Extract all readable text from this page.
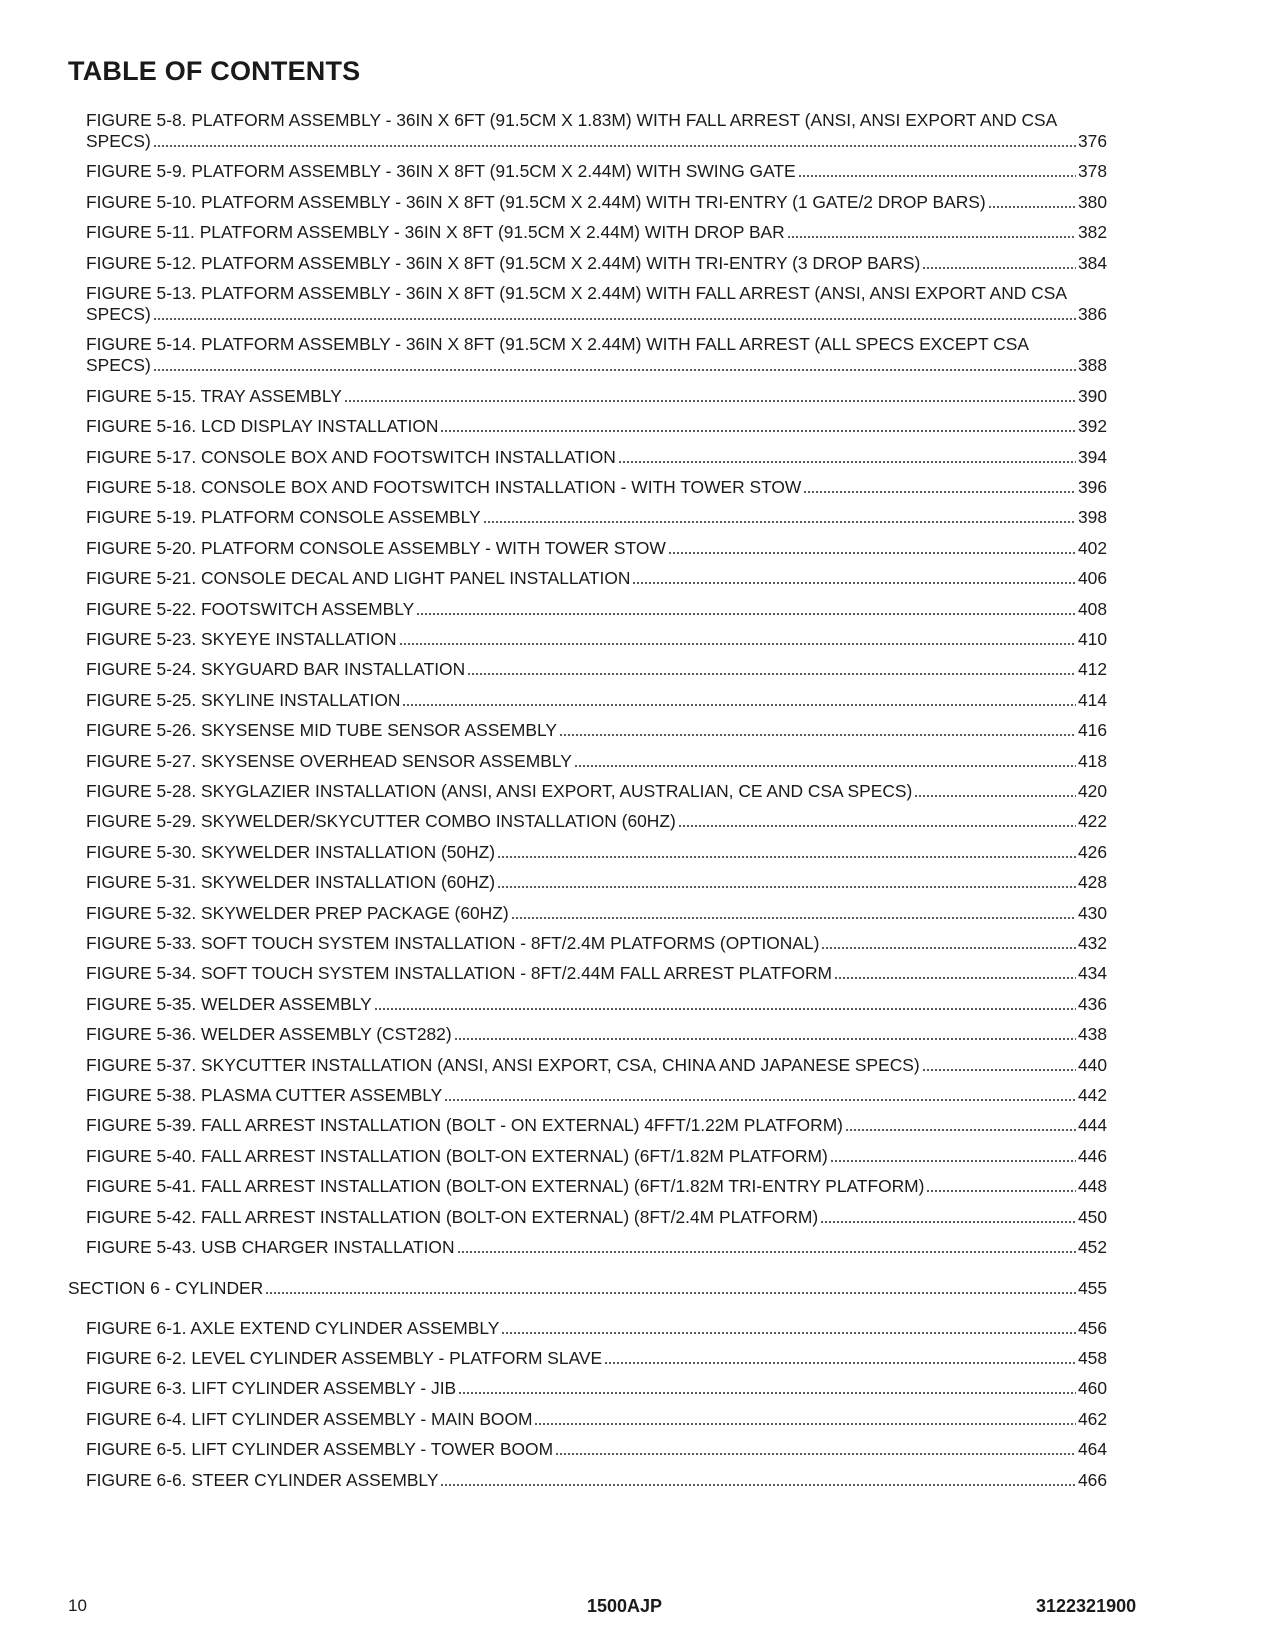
TABLE OF CONTENTS
FIGURE 5-8. PLATFORM ASSEMBLY - 36IN X 6FT (91.5CM X 1.83M) WITH FALL ARREST (ANSI, ANSI EXPORT AND CSA
SPECS)	376
FIGURE 5-9. PLATFORM ASSEMBLY - 36IN X 8FT (91.5CM X 2.44M) WITH SWING GATE	378
FIGURE 5-10. PLATFORM ASSEMBLY - 36IN X 8FT (91.5CM X 2.44M) WITH TRI-ENTRY (1 GATE/2 DROP BARS)	380
FIGURE 5-11. PLATFORM ASSEMBLY - 36IN X 8FT (91.5CM X 2.44M) WITH DROP BAR	382
FIGURE 5-12. PLATFORM ASSEMBLY - 36IN X 8FT (91.5CM X 2.44M) WITH TRI-ENTRY (3 DROP BARS)	384
FIGURE 5-13. PLATFORM ASSEMBLY - 36IN X 8FT (91.5CM X 2.44M) WITH FALL ARREST (ANSI, ANSI EXPORT AND CSA
SPECS)	386
FIGURE 5-14. PLATFORM ASSEMBLY - 36IN X 8FT (91.5CM X 2.44M) WITH FALL ARREST (ALL SPECS EXCEPT CSA
SPECS)	388
FIGURE 5-15. TRAY ASSEMBLY	390
FIGURE 5-16. LCD DISPLAY INSTALLATION	392
FIGURE 5-17. CONSOLE BOX AND FOOTSWITCH INSTALLATION	394
FIGURE 5-18. CONSOLE BOX AND FOOTSWITCH INSTALLATION - WITH TOWER STOW	396
FIGURE 5-19. PLATFORM CONSOLE ASSEMBLY	398
FIGURE 5-20. PLATFORM CONSOLE ASSEMBLY - WITH TOWER STOW	402
FIGURE 5-21. CONSOLE DECAL AND LIGHT PANEL INSTALLATION	406
FIGURE 5-22. FOOTSWITCH ASSEMBLY	408
FIGURE 5-23. SKYEYE INSTALLATION	410
FIGURE 5-24. SKYGUARD BAR INSTALLATION	412
FIGURE 5-25. SKYLINE INSTALLATION	414
FIGURE 5-26. SKYSENSE MID TUBE SENSOR ASSEMBLY	416
FIGURE 5-27. SKYSENSE OVERHEAD SENSOR ASSEMBLY	418
FIGURE 5-28. SKYGLAZIER INSTALLATION (ANSI, ANSI EXPORT, AUSTRALIAN, CE AND CSA SPECS)	420
FIGURE 5-29. SKYWELDER/SKYCUTTER COMBO INSTALLATION (60HZ)	422
FIGURE 5-30. SKYWELDER INSTALLATION (50HZ)	426
FIGURE 5-31. SKYWELDER INSTALLATION (60HZ)	428
FIGURE 5-32. SKYWELDER PREP PACKAGE (60HZ)	430
FIGURE 5-33. SOFT TOUCH SYSTEM INSTALLATION - 8FT/2.4M PLATFORMS (OPTIONAL)	432
FIGURE 5-34. SOFT TOUCH SYSTEM INSTALLATION - 8FT/2.44M FALL ARREST PLATFORM	434
FIGURE 5-35. WELDER ASSEMBLY	436
FIGURE 5-36. WELDER ASSEMBLY (CST282)	438
FIGURE 5-37. SKYCUTTER INSTALLATION (ANSI, ANSI EXPORT, CSA, CHINA AND JAPANESE SPECS)	440
FIGURE 5-38. PLASMA CUTTER ASSEMBLY	442
FIGURE 5-39. FALL ARREST INSTALLATION (BOLT - ON EXTERNAL) 4FFT/1.22M PLATFORM)	444
FIGURE 5-40. FALL ARREST INSTALLATION (BOLT-ON EXTERNAL) (6FT/1.82M PLATFORM)	446
FIGURE 5-41. FALL ARREST INSTALLATION (BOLT-ON EXTERNAL) (6FT/1.82M TRI-ENTRY PLATFORM)	448
FIGURE 5-42. FALL ARREST INSTALLATION (BOLT-ON EXTERNAL) (8FT/2.4M PLATFORM)	450
FIGURE 5-43. USB CHARGER INSTALLATION	452
SECTION 6 - CYLINDER	455
FIGURE 6-1. AXLE EXTEND CYLINDER ASSEMBLY	456
FIGURE 6-2. LEVEL CYLINDER ASSEMBLY - PLATFORM SLAVE	458
FIGURE 6-3. LIFT CYLINDER ASSEMBLY - JIB	460
FIGURE 6-4. LIFT CYLINDER ASSEMBLY - MAIN BOOM	462
FIGURE 6-5. LIFT CYLINDER ASSEMBLY - TOWER BOOM	464
FIGURE 6-6. STEER CYLINDER ASSEMBLY	466
10	1500AJP	3122321900
